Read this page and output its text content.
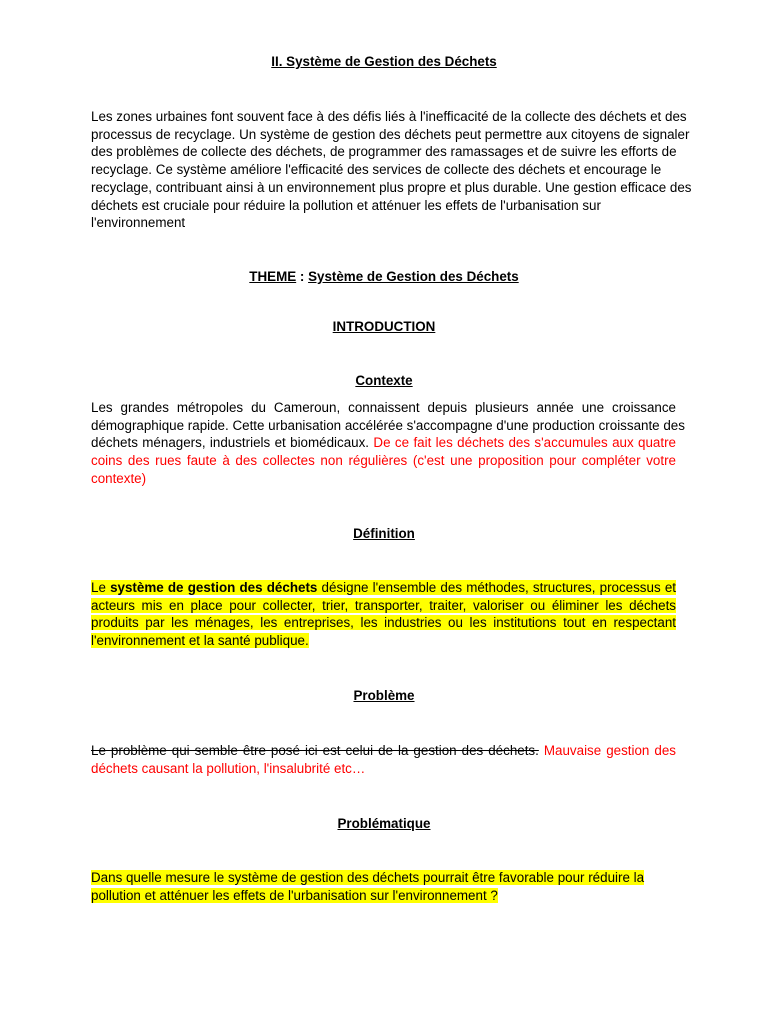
II. Système de Gestion des Déchets
Les zones urbaines font souvent face à des défis liés à l'inefficacité de la collecte des déchets et des
processus de recyclage. Un système de gestion des déchets peut permettre aux citoyens de signaler
des problèmes de collecte des déchets, de programmer des ramassages et de suivre les efforts de
recyclage. Ce système améliore l'efficacité des services de collecte des déchets et encourage le
recyclage, contribuant ainsi à un environnement plus propre et plus durable. Une gestion efficace des
déchets est cruciale pour réduire la pollution et atténuer les effets de l'urbanisation sur
l'environnement
THEME : Système de Gestion des Déchets
INTRODUCTION
Contexte
Les grandes métropoles du Cameroun, connaissent depuis plusieurs année une croissance
démographique rapide. Cette urbanisation accélérée s'accompagne d'une production croissante des
déchets ménagers, industriels et biomédicaux. De ce fait les déchets des s'accumules aux quatre
coins des rues faute à des collectes non régulières (c'est une proposition pour compléter votre
contexte)
Définition
Le système de gestion des déchets désigne l'ensemble des méthodes, structures, processus et
acteurs mis en place pour collecter, trier, transporter, traiter, valoriser ou éliminer les déchets
produits par les ménages, les entreprises, les industries ou les institutions tout en respectant
l'environnement et la santé publique.
Problème
Le problème qui semble être posé ici est celui de la gestion des déchets. Mauvaise gestion des
déchets causant la pollution, l'insalubrité etc…
Problématique
Dans quelle mesure le système de gestion des déchets pourrait être favorable pour réduire la
pollution et atténuer les effets de l'urbanisation sur l'environnement ?
